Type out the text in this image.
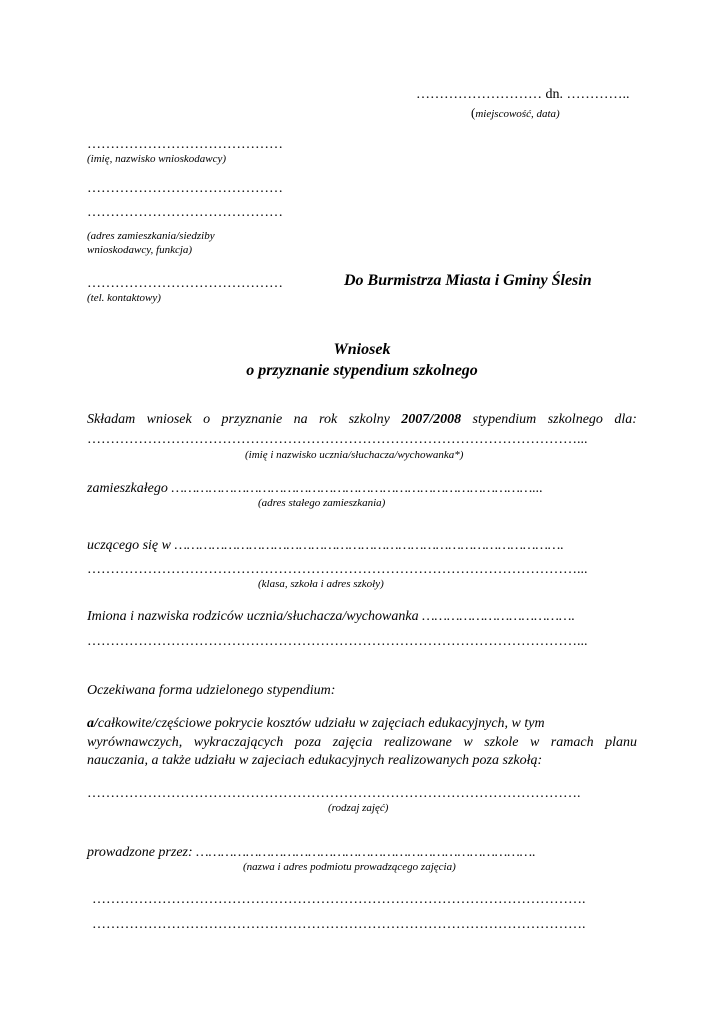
……………………… dn. …………..
(miejscowość, data)
……………………………………
(imię, nazwisko wnioskodawcy)
……………………………………
……………………………………
(adres zamieszkania/siedziby
wnioskodawcy, funkcja)
……………………………………
(tel. kontaktowy)
Do Burmistrza Miasta i Gminy Ślesin
Wniosek
o przyznanie stypendium szkolnego
Składam wniosek o przyznanie na rok szkolny 2007/2008 stypendium szkolnego dla:
……………………………………………………………………………………………...
(imię i nazwisko ucznia/słuchacza/wychowanka*)
zamieszkałego ……………………………………………………………………………...
(adres stałego zamieszkania)
uczącego się w ………………………………………………………………………………….
……………………………………………………………………………………………...
(klasa, szkoła i adres szkoły)
Imiona i nazwiska rodziców ucznia/słuchacza/wychowanka ……………………………….
……………………………………………………………………………………………...
Oczekiwana forma udzielonego stypendium:
a/całkowite/częściowe pokrycie kosztów udziału w zajęciach edukacyjnych, w tym
wyrównawczych, wykraczających poza zajęcia realizowane w szkole w ramach planu
nauczania, a także udziału w zajeciach edukacyjnych realizowanych poza szkołą:
…………………………………………………………………………………………….
(rodzaj zajęć)
prowadzone przez: ……………………………………………………………………….
(nazwa i adres podmiotu prowadzącego zajęcia)
…………………………………………………………………………………………….
…………………………………………………………………………………………….
